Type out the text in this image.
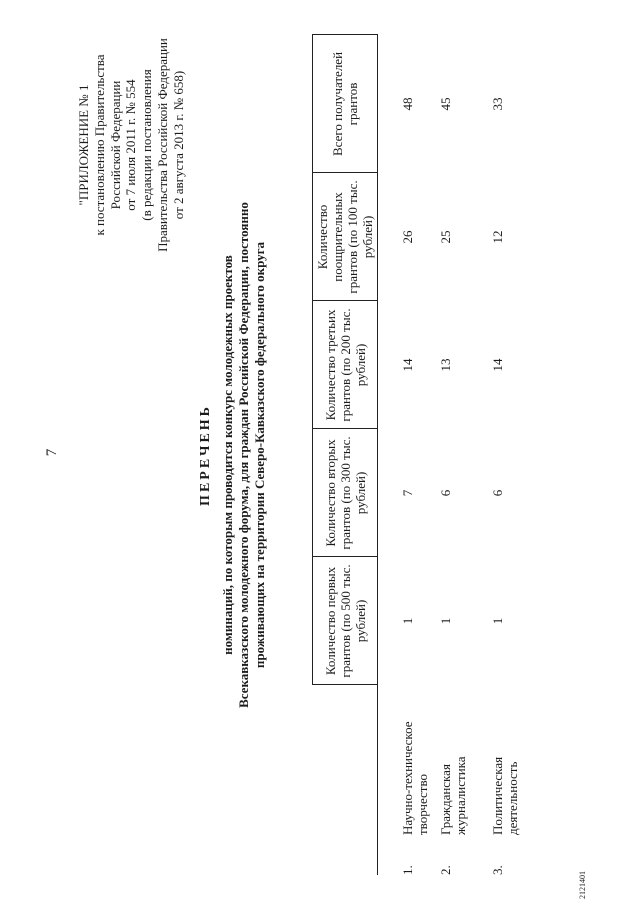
7
"ПРИЛОЖЕНИЕ № 1 к постановлению Правительства Российской Федерации от 7 июля 2011 г. № 554 (в редакции постановления Правительства Российской Федерации от 2 августа 2013 г. № 658)
ПЕРЕЧЕНЬ номинаций, по которым проводится конкурс молодежных проектов Всекавказского молодежного форума, для граждан Российской Федерации, постоянно проживающих на территории Северо-Кавказского федерального округа
			Количество первых грантов (по 500 тыс. рублей)	Количество вторых грантов (по 300 тыс. рублей)	Количество третьих грантов (по 200 тыс. рублей)	Количество поощрительных грантов (по 100 тыс. рублей)	Всего получателей грантов
1.	Научно-техническое творчество		1	7	14	26	48
2.	Гражданская журналистика		1	6	13	25	45
3.	Политическая деятельность		1	6	14	12	33
2121401
